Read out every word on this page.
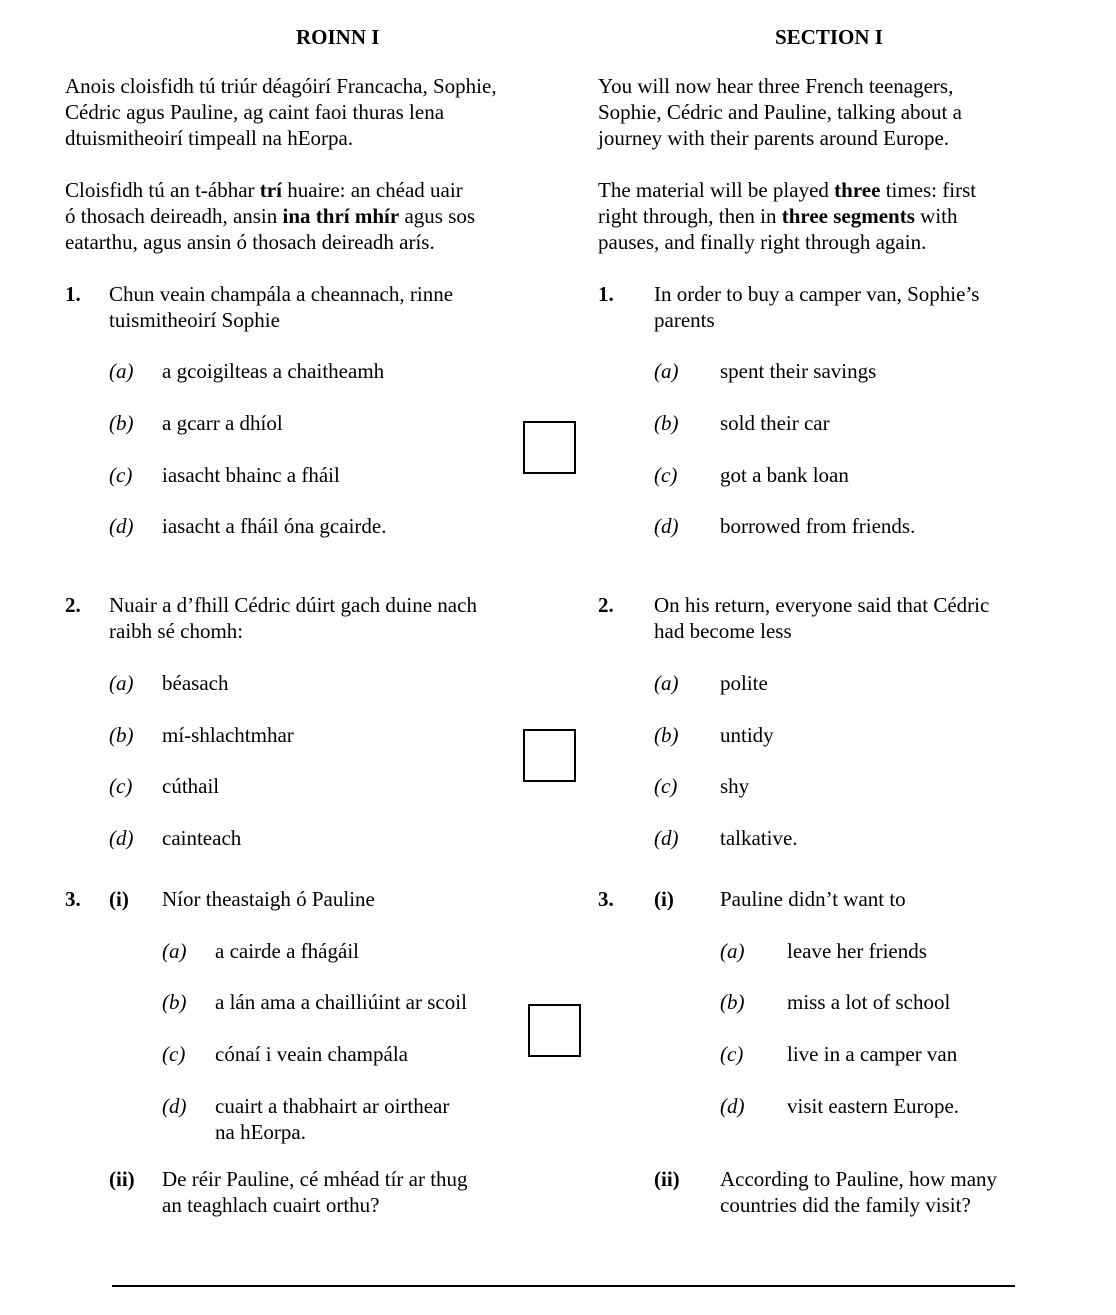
ROINN I	SECTION I
Anois cloisfidh tú triúr déagóirí Francacha, Sophie,
Cédric agus Pauline, ag caint faoi thuras lena
dtuismitheoirí timpeall na hEorpa.
You will now hear three French teenagers,
Sophie, Cédric and Pauline, talking about a
journey with their parents around Europe.
Cloisfidh tú an t-ábhar trí huaire: an chéad uair
ó thosach deireadh, ansin ina thrí mhír agus sos
eatarthu, agus ansin ó thosach deireadh arís.
The material will be played three times: first
right through, then in three segments with
pauses, and finally right through again.
1. Chun veain champála a cheannach, rinne
tuismitheoirí Sophie
(a) a gcoigilteas a chaitheamh
(b) a gcarr a dhíol
(c) iasacht bhainc a fháil
(d) iasacht a fháil óna gcairde.
1. In order to buy a camper van, Sophie’s
parents
(a) spent their savings
(b) sold their car
(c) got a bank loan
(d) borrowed from friends.
2. Nuair a d’fhill Cédric dúirt gach duine nach
raibh sé chomh:
(a) béasach
(b) mí-shlachtmhar
(c) cúthail
(d) cainteach
2. On his return, everyone said that Cédric
had become less
(a) polite
(b) untidy
(c) shy
(d) talkative.
3. (i) Níor theastaigh ó Pauline
(a) a cairde a fhágáil
(b) a lán ama a chailliúint ar scoil
(c) cónaí i veain champála
(d) cuairt a thabhairt ar oirthear
na hEorpa.
(ii) De réir Pauline, cé mhéad tír ar thug
an teaghlach cuairt orthu?
3. (i) Pauline didn’t want to
(a) leave her friends
(b) miss a lot of school
(c) live in a camper van
(d) visit eastern Europe.
(ii) According to Pauline, how many
countries did the family visit?
